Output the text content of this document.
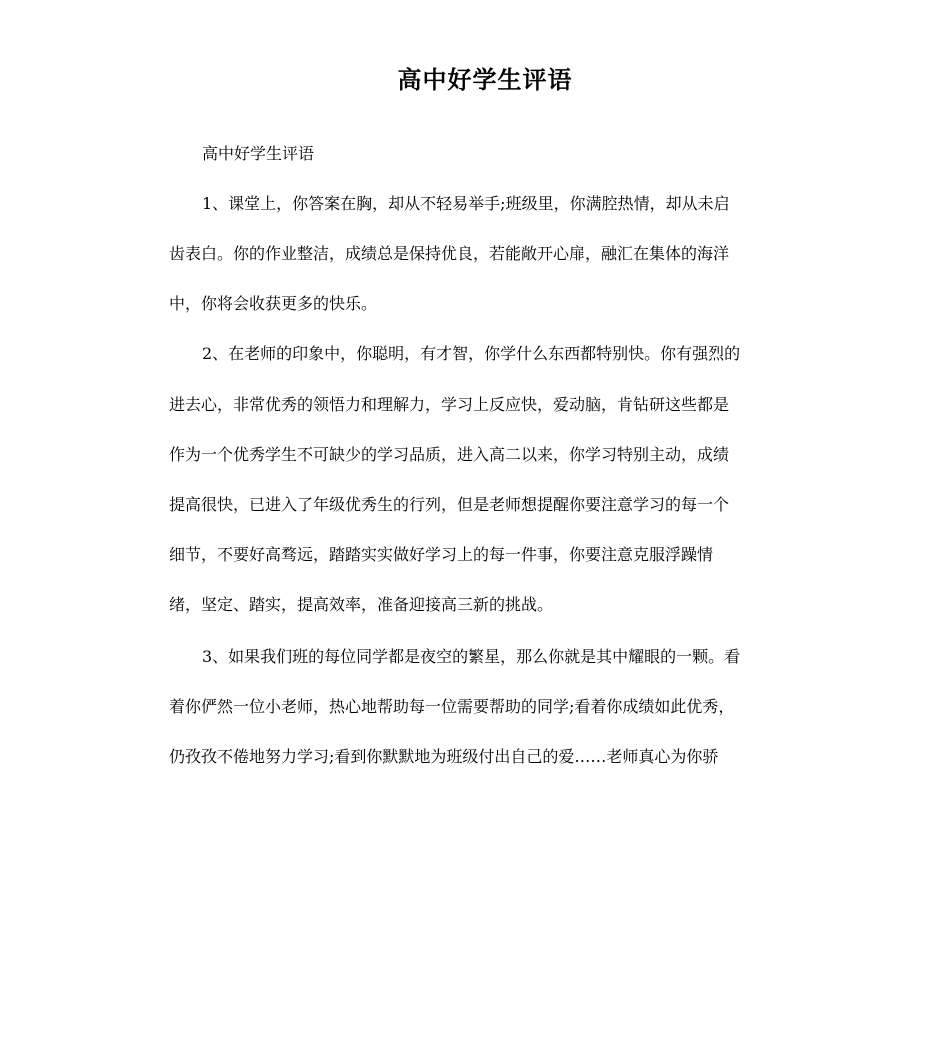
高中好学生评语
高中好学生评语
1、课堂上，你答案在胸，却从不轻易举手;班级里，你满腔热情，却从未启
齿表白。你的作业整洁，成绩总是保持优良，若能敞开心扉，融汇在集体的海洋
中，你将会收获更多的快乐。
2、在老师的印象中，你聪明，有才智，你学什么东西都特别快。你有强烈的
进去心，非常优秀的领悟力和理解力，学习上反应快，爱动脑，肯钻研这些都是
作为一个优秀学生不可缺少的学习品质，进入高二以来，你学习特别主动，成绩
提高很快，已进入了年级优秀生的行列，但是老师想提醒你要注意学习的每一个
细节，不要好高骛远，踏踏实实做好学习上的每一件事，你要注意克服浮躁情
绪，坚定、踏实，提高效率，准备迎接高三新的挑战。
3、如果我们班的每位同学都是夜空的繁星，那么你就是其中耀眼的一颗。看
着你俨然一位小老师，热心地帮助每一位需要帮助的同学;看着你成绩如此优秀，
仍孜孜不倦地努力学习;看到你默默地为班级付出自己的爱……老师真心为你骄
